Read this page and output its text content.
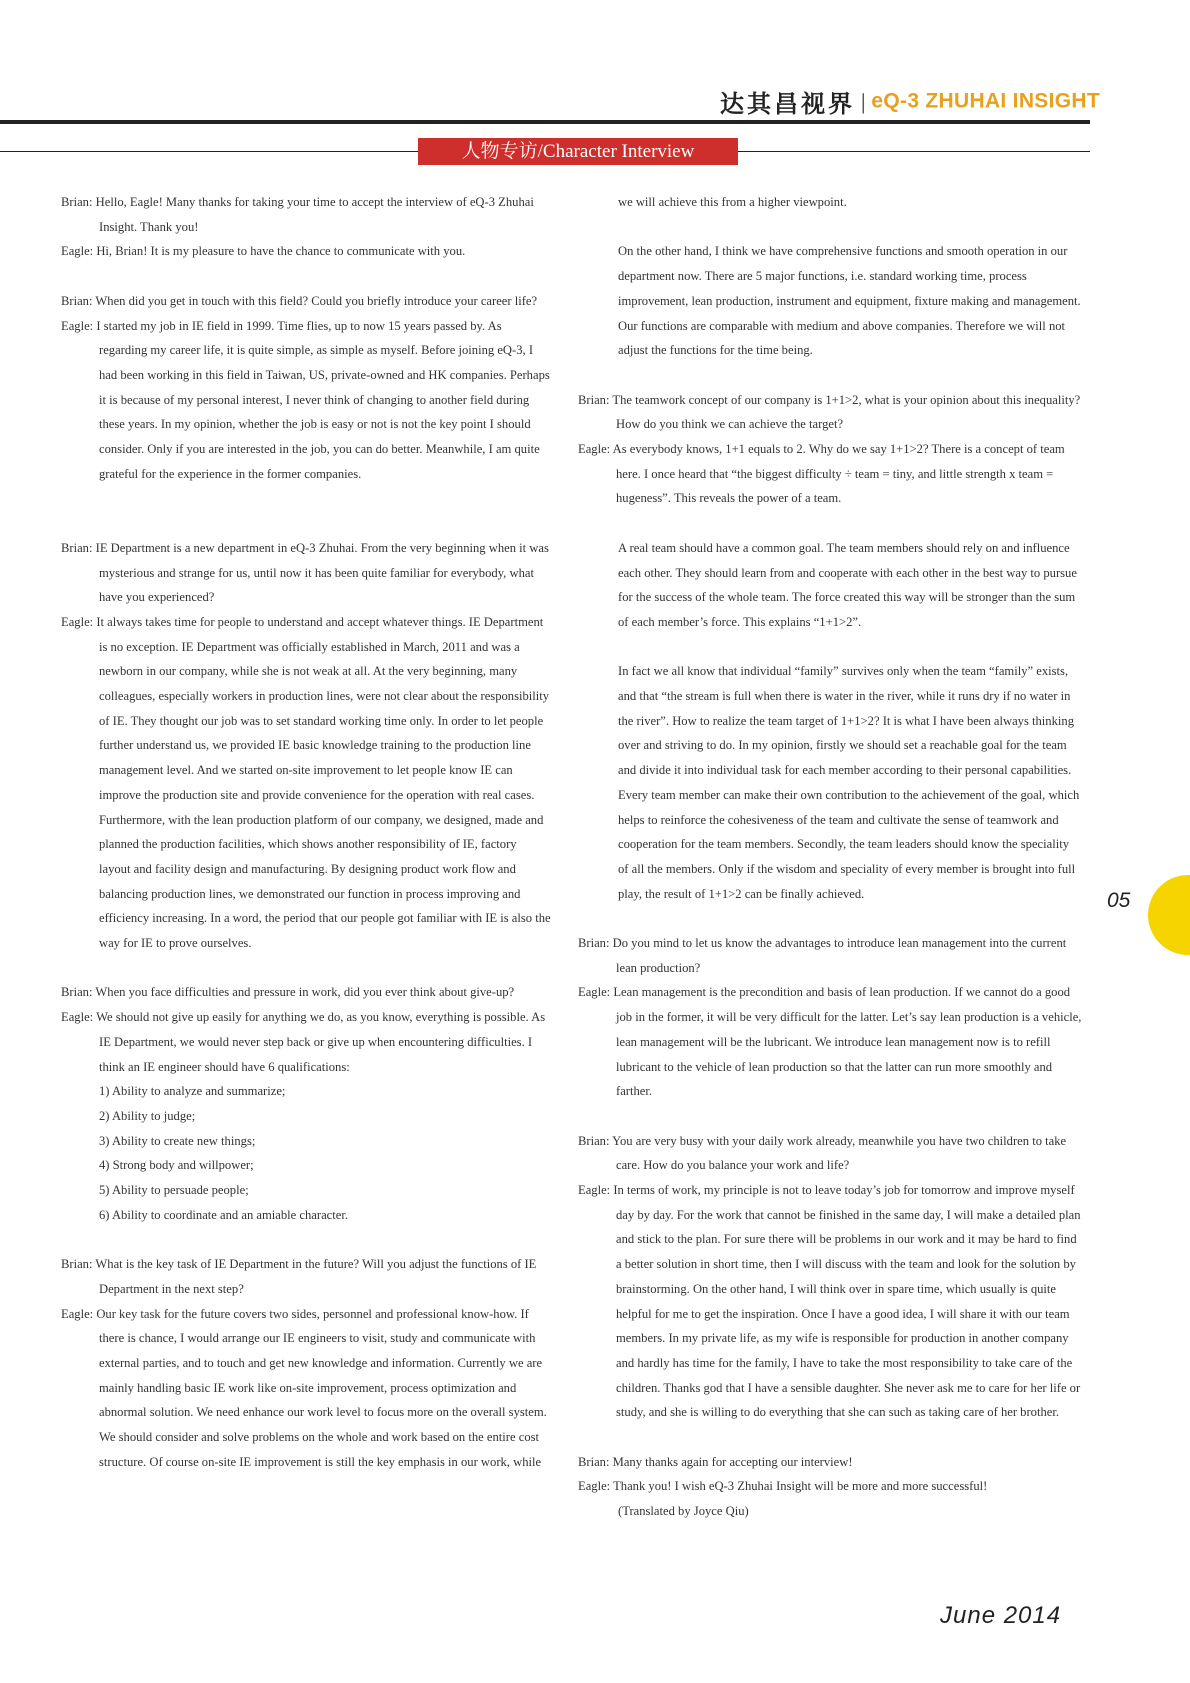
达其昌视界 | eQ-3 ZHUHAI INSIGHT
人物专访/Character Interview

Brian: Hello, Eagle! Many thanks for taking your time to accept the interview of eQ-3 Zhuhai Insight. Thank you!

Eagle: Hi, Brian! It is my pleasure to have the chance to communicate with you.

Brian: When did you get in touch with this field? Could you briefly introduce your career life?

Eagle: I started my job in IE field in 1999. Time flies, up to now 15 years passed by. As regarding my career life, it is quite simple, as simple as myself. Before joining eQ-3, I had been working in this field in Taiwan, US, private-owned and HK companies. Perhaps it is because of my personal interest, I never think of changing to another field during these years. In my opinion, whether the job is easy or not is not the key point I should consider. Only if you are interested in the job, you can do better. Meanwhile, I am quite grateful for the experience in the former companies.

Brian: IE Department is a new department in eQ-3 Zhuhai. From the very beginning when it was mysterious and strange for us, until now it has been quite familiar for everybody, what have you experienced?

Eagle: It always takes time for people to understand and accept whatever things. IE Department is no exception. IE Department was officially established in March, 2011 and was a newborn in our company, while she is not weak at all. At the very beginning, many colleagues, especially workers in production lines, were not clear about the responsibility of IE. They thought our job was to set standard working time only. In order to let people further understand us, we provided IE basic knowledge training to the production line management level. And we started on-site improvement to let people know IE can improve the production site and provide convenience for the operation with real cases. Furthermore, with the lean production platform of our company, we designed, made and planned the production facilities, which shows another responsibility of IE, factory layout and facility design and manufacturing. By designing product work flow and balancing production lines, we demonstrated our function in process improving and efficiency increasing. In a word, the period that our people got familiar with IE is also the way for IE to prove ourselves.

Brian: When you face difficulties and pressure in work, did you ever think about give-up?

Eagle: We should not give up easily for anything we do, as you know, everything is possible. As IE Department, we would never step back or give up when encountering difficulties. I think an IE engineer should have 6 qualifications:

1) Ability to analyze and summarize;

2) Ability to judge;

3) Ability to create new things;

4) Strong body and willpower;

5) Ability to persuade people;

6) Ability to coordinate and an amiable character.

Brian: What is the key task of IE Department in the future? Will you adjust the functions of IE Department in the next step?

Eagle: Our key task for the future covers two sides, personnel and professional know-how. If there is chance, I would arrange our IE engineers to visit, study and communicate with external parties, and to touch and get new knowledge and information. Currently we are mainly handling basic IE work like on-site improvement, process optimization and abnormal solution. We need enhance our work level to focus more on the overall system. We should consider and solve problems on the whole and work based on the entire cost structure. Of course on-site IE improvement is still the key emphasis in our work, while

we will achieve this from a higher viewpoint.

On the other hand, I think we have comprehensive functions and smooth operation in our department now. There are 5 major functions, i.e. standard working time, process improvement, lean production, instrument and equipment, fixture making and management. Our functions are comparable with medium and above companies. Therefore we will not adjust the functions for the time being.

Brian: The teamwork concept of our company is 1+1>2, what is your opinion about this inequality? How do you think we can achieve the target?

Eagle: As everybody knows, 1+1 equals to 2. Why do we say 1+1>2? There is a concept of team here. I once heard that “the biggest difficulty ÷ team = tiny, and little strength x team = hugeness”. This reveals the power of a team.

A real team should have a common goal. The team members should rely on and influence each other. They should learn from and cooperate with each other in the best way to pursue for the success of the whole team. The force created this way will be stronger than the sum of each member’s force. This explains “1+1>2”.

In fact we all know that individual “family” survives only when the team “family” exists, and that “the stream is full when there is water in the river, while it runs dry if no water in the river”. How to realize the team target of 1+1>2? It is what I have been always thinking over and striving to do. In my opinion, firstly we should set a reachable goal for the team and divide it into individual task for each member according to their personal capabilities. Every team member can make their own contribution to the achievement of the goal, which helps to reinforce the cohesiveness of the team and cultivate the sense of teamwork and cooperation for the team members. Secondly, the team leaders should know the speciality of all the members. Only if the wisdom and speciality of every member is brought into full play, the result of 1+1>2 can be finally achieved.

Brian: Do you mind to let us know the advantages to introduce lean management into the current lean production?

Eagle: Lean management is the precondition and basis of lean production. If we cannot do a good job in the former, it will be very difficult for the latter. Let’s say lean production is a vehicle, lean management will be the lubricant. We introduce lean management now is to refill lubricant to the vehicle of lean production so that the latter can run more smoothly and farther.

Brian: You are very busy with your daily work already, meanwhile you have two children to take care. How do you balance your work and life?

Eagle: In terms of work, my principle is not to leave today’s job for tomorrow and improve myself day by day. For the work that cannot be finished in the same day, I will make a detailed plan and stick to the plan. For sure there will be problems in our work and it may be hard to find a better solution in short time, then I will discuss with the team and look for the solution by brainstorming. On the other hand, I will think over in spare time, which usually is quite helpful for me to get the inspiration. Once I have a good idea, I will share it with our team members. In my private life, as my wife is responsible for production in another company and hardly has time for the family, I have to take the most responsibility to take care of the children. Thanks god that I have a sensible daughter. She never ask me to care for her life or study, and she is willing to do everything that she can such as taking care of her brother.

Brian: Many thanks again for accepting our interview!

Eagle: Thank you! I wish eQ-3 Zhuhai Insight will be more and more successful!

(Translated by Joyce Qiu)

05
June 2014
